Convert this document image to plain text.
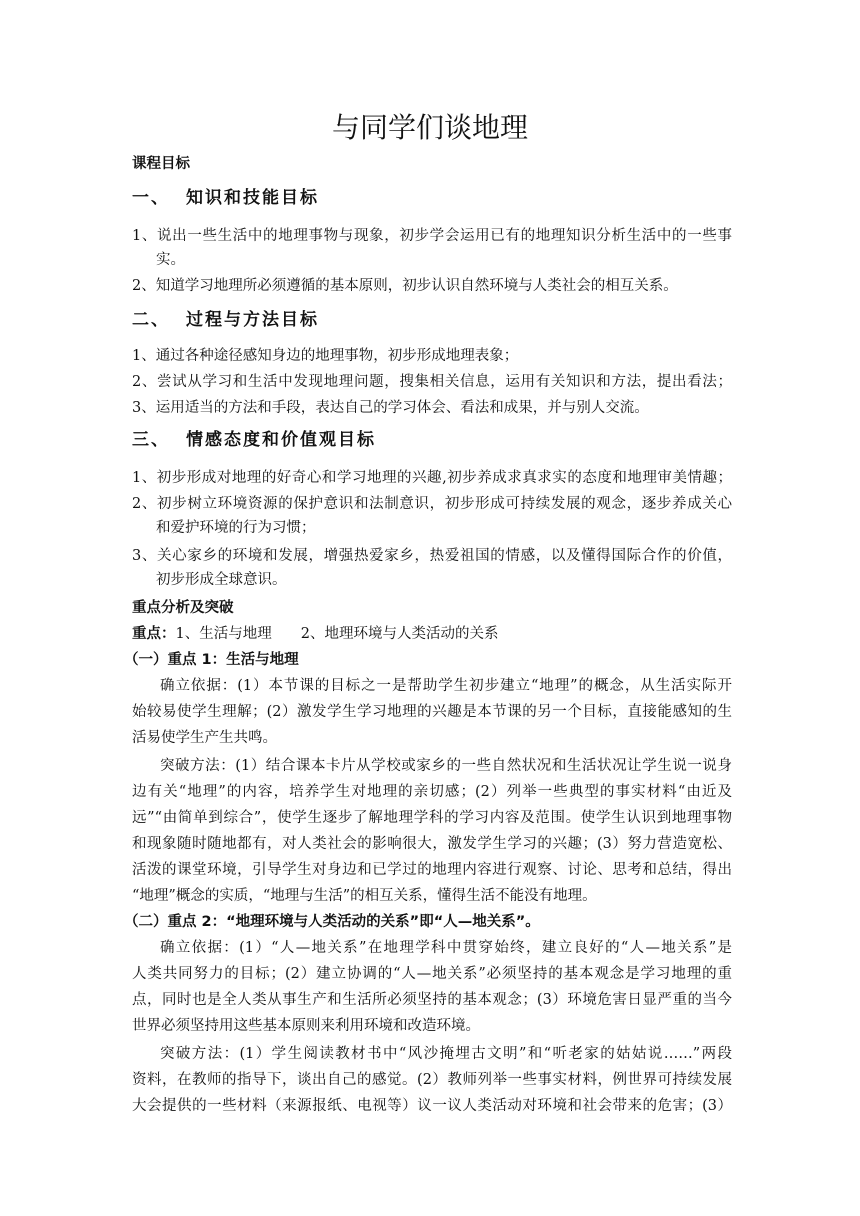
与同学们谈地理
课程目标
一、 知识和技能目标
1、说出一些生活中的地理事物与现象，初步学会运用已有的地理知识分析生活中的一些事
实。
2、知道学习地理所必须遵循的基本原则，初步认识自然环境与人类社会的相互关系。
二、 过程与方法目标
1、通过各种途径感知身边的地理事物，初步形成地理表象；
2、尝试从学习和生活中发现地理问题，搜集相关信息，运用有关知识和方法，提出看法；
3、运用适当的方法和手段，表达自己的学习体会、看法和成果，并与别人交流。
三、 情感态度和价值观目标
1、初步形成对地理的好奇心和学习地理的兴趣,初步养成求真求实的态度和地理审美情趣；
2、初步树立环境资源的保护意识和法制意识，初步形成可持续发展的观念，逐步养成关心
和爱护环境的行为习惯；
3、关心家乡的环境和发展，增强热爱家乡，热爱祖国的情感，以及懂得国际合作的价值，
初步形成全球意识。
重点分析及突破
重点：1、生活与地理　　2、地理环境与人类活动的关系
（一）重点 1：生活与地理
确立依据：(1）本节课的目标之一是帮助学生初步建立“地理”的概念，从生活实际开
始较易使学生理解；(2）激发学生学习地理的兴趣是本节课的另一个目标，直接能感知的生
活易使学生产生共鸣。
突破方法：(1）结合课本卡片从学校或家乡的一些自然状况和生活状况让学生说一说身
边有关“地理”的内容，培养学生对地理的亲切感；(2）列举一些典型的事实材料“由近及
远”“由简单到综合”，使学生逐步了解地理学科的学习内容及范围。使学生认识到地理事物
和现象随时随地都有，对人类社会的影响很大，激发学生学习的兴趣；(3）努力营造宽松、
活泼的课堂环境，引导学生对身边和已学过的地理内容进行观察、讨论、思考和总结，得出
“地理”概念的实质，“地理与生活”的相互关系，懂得生活不能没有地理。
（二）重点 2：“地理环境与人类活动的关系”即“人—地关系”。
确立依据：(1）“人—地关系”在地理学科中贯穿始终，建立良好的“人—地关系”是
人类共同努力的目标；(2）建立协调的“人—地关系”必须坚持的基本观念是学习地理的重
点，同时也是全人类从事生产和生活所必须坚持的基本观念；(3）环境危害日显严重的当今
世界必须坚持用这些基本原则来利用环境和改造环境。
突破方法：(1）学生阅读教材书中“风沙掩埋古文明”和“听老家的姑姑说……”两段
资料，在教师的指导下，谈出自己的感觉。(2）教师列举一些事实材料，例世界可持续发展
大会提供的一些材料（来源报纸、电视等）议一议人类活动对环境和社会带来的危害；(3）
